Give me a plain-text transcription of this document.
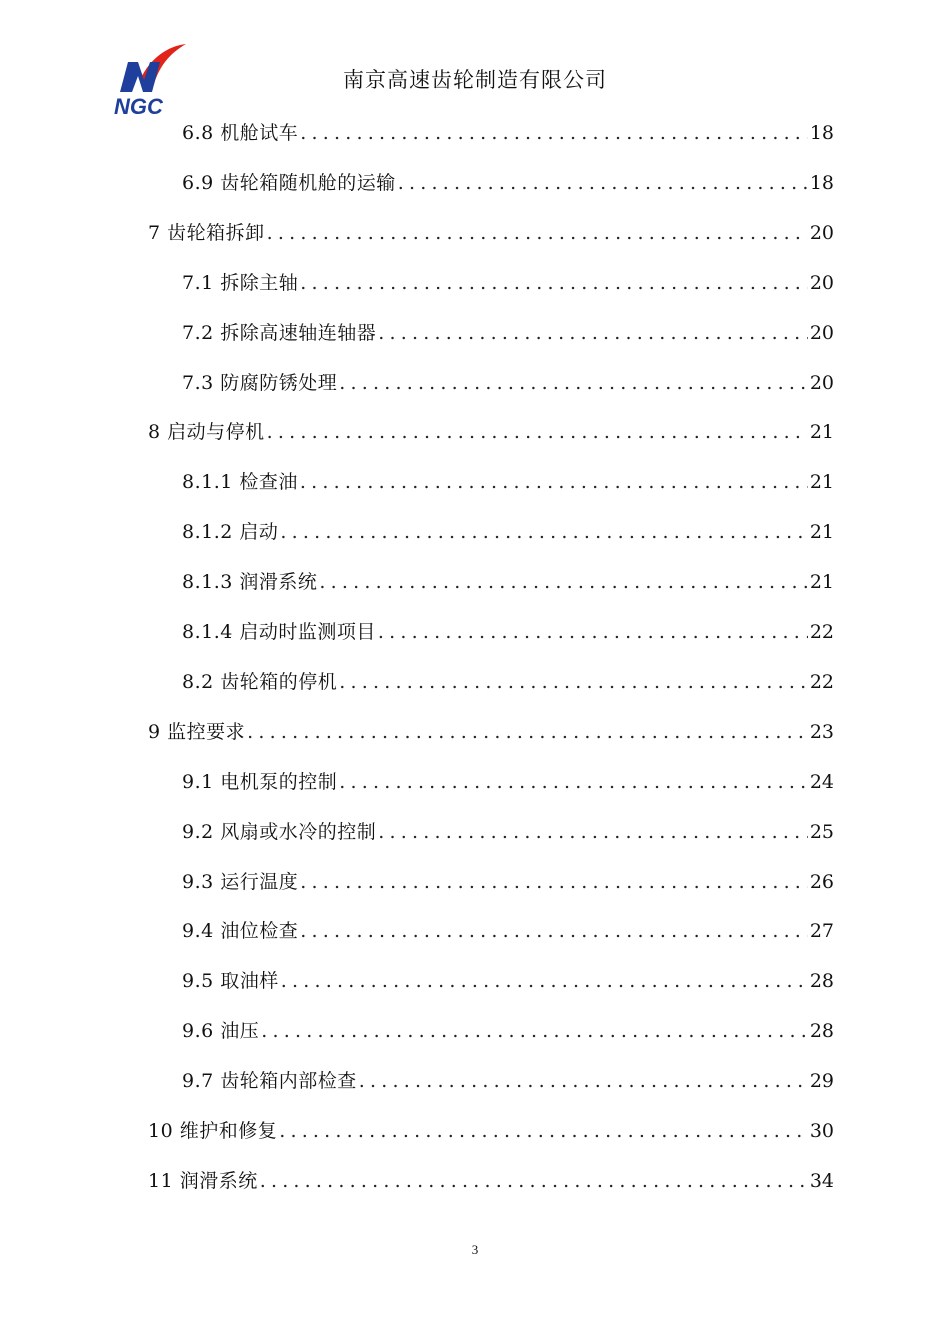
NGC
南京高速齿轮制造有限公司
6.8 机舱试车 .....	18
6.9 齿轮箱随机舱的运输 .....	18
7 齿轮箱拆卸 .....	20
7.1 拆除主轴 .....	20
7.2 拆除高速轴连轴器 .....	20
7.3 防腐防锈处理 .....	20
8 启动与停机 .....	21
8.1.1 检查油 .....	21
8.1.2 启动 .....	21
8.1.3 润滑系统 .....	21
8.1.4 启动时监测项目 .....	22
8.2 齿轮箱的停机 .....	22
9 监控要求 .....	23
9.1 电机泵的控制 .....	24
9.2 风扇或水冷的控制 .....	25
9.3 运行温度 .....	26
9.4 油位检查 .....	27
9.5 取油样 .....	28
9.6 油压 .....	28
9.7 齿轮箱内部检查 .....	29
10 维护和修复 .....	30
11 润滑系统 .....	34
3
